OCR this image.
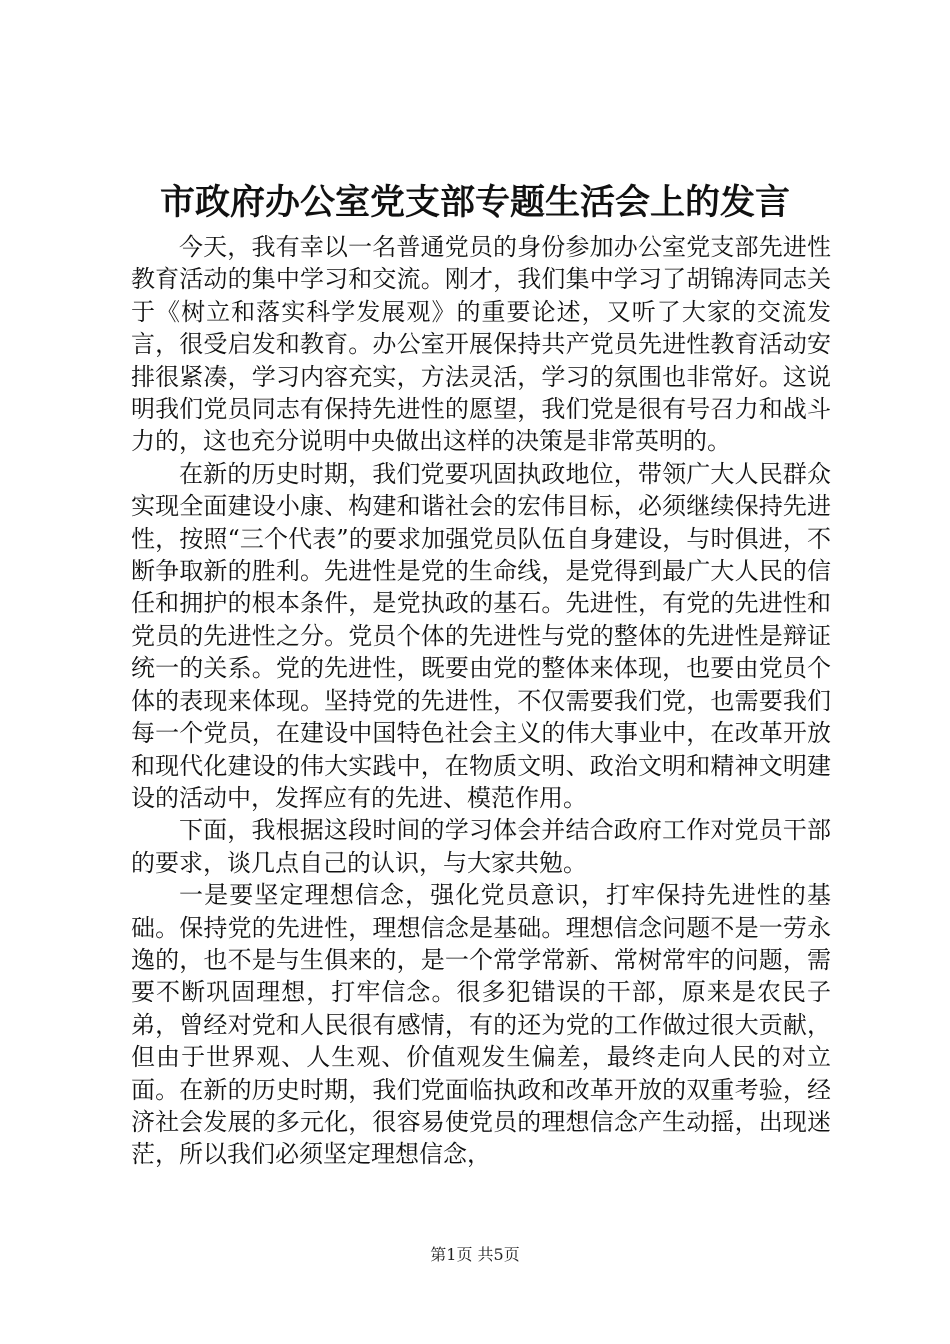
市政府办公室党支部专题生活会上的发言

今天，我有幸以一名普通党员的身份参加办公室党支部先进性教育活动的集中学习和交流。刚才，我们集中学习了胡锦涛同志关于《树立和落实科学发展观》的重要论述，又听了大家的交流发言，很受启发和教育。办公室开展保持共产党员先进性教育活动安排很紧凑，学习内容充实，方法灵活，学习的氛围也非常好。这说明我们党员同志有保持先进性的愿望，我们党是很有号召力和战斗力的，这也充分说明中央做出这样的决策是非常英明的。

在新的历史时期，我们党要巩固执政地位，带领广大人民群众实现全面建设小康、构建和谐社会的宏伟目标，必须继续保持先进性，按照“三个代表”的要求加强党员队伍自身建设，与时俱进，不断争取新的胜利。先进性是党的生命线，是党得到最广大人民的信任和拥护的根本条件，是党执政的基石。先进性，有党的先进性和党员的先进性之分。党员个体的先进性与党的整体的先进性是辩证统一的关系。党的先进性，既要由党的整体来体现，也要由党员个体的表现来体现。坚持党的先进性，不仅需要我们党，也需要我们每一个党员，在建设中国特色社会主义的伟大事业中，在改革开放和现代化建设的伟大实践中，在物质文明、政治文明和精神文明建设的活动中，发挥应有的先进、模范作用。

下面，我根据这段时间的学习体会并结合政府工作对党员干部的要求，谈几点自己的认识，与大家共勉。

一是要坚定理想信念，强化党员意识，打牢保持先进性的基础。保持党的先进性，理想信念是基础。理想信念问题不是一劳永逸的，也不是与生俱来的，是一个常学常新、常树常牢的问题，需要不断巩固理想，打牢信念。很多犯错误的干部，原来是农民子弟，曾经对党和人民很有感情，有的还为党的工作做过很大贡献，但由于世界观、人生观、价值观发生偏差，最终走向人民的对立面。在新的历史时期，我们党面临执政和改革开放的双重考验，经济社会发展的多元化，很容易使党员的理想信念产生动摇，出现迷茫，所以我们必须坚定理想信念，

第1页 共5页
